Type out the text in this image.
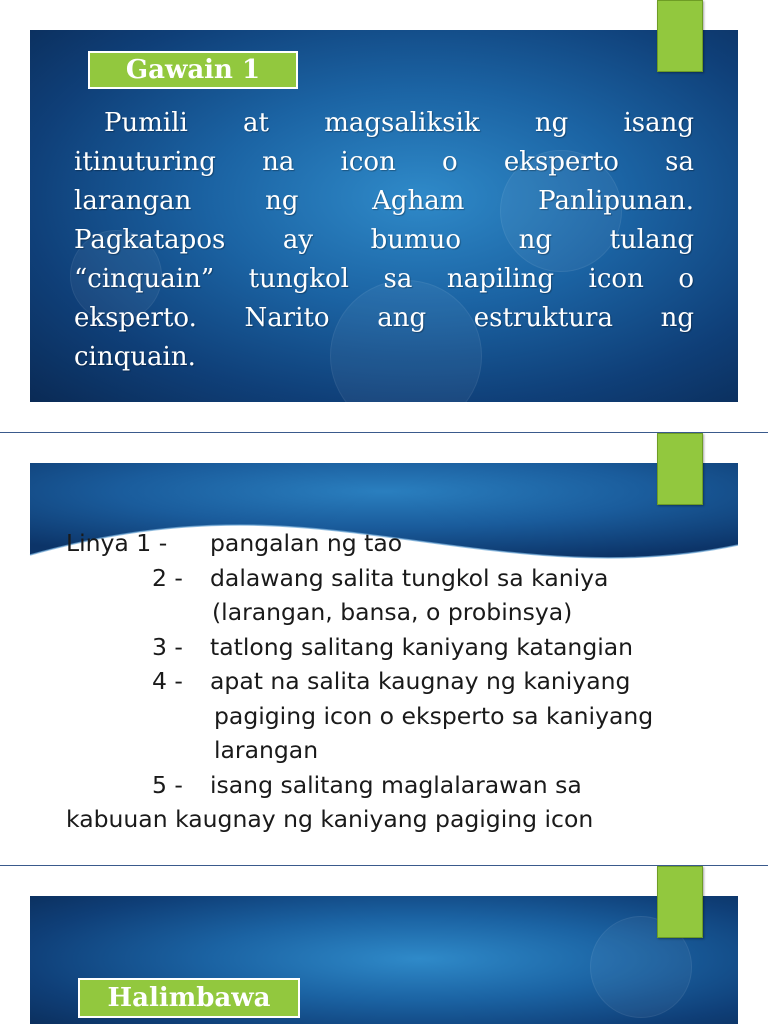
Gawain 1
Pumili at magsaliksik ng isang
itinuturing na icon o eksperto sa
larangan ng Agham Panlipunan.
Pagkatapos ay bumuo ng tulang
“cinquain” tungkol sa napiling icon o
eksperto. Narito ang estruktura ng
cinquain.
Linya 1 - pangalan ng tao
2 - dalawang salita tungkol sa kaniya
(larangan, bansa, o probinsya)
3 - tatlong salitang kaniyang katangian
4 - apat na salita kaugnay ng kaniyang
pagiging icon o eksperto sa kaniyang
larangan
5 - isang salitang maglalarawan sa
kabuuan kaugnay ng kaniyang pagiging icon
Halimbawa
